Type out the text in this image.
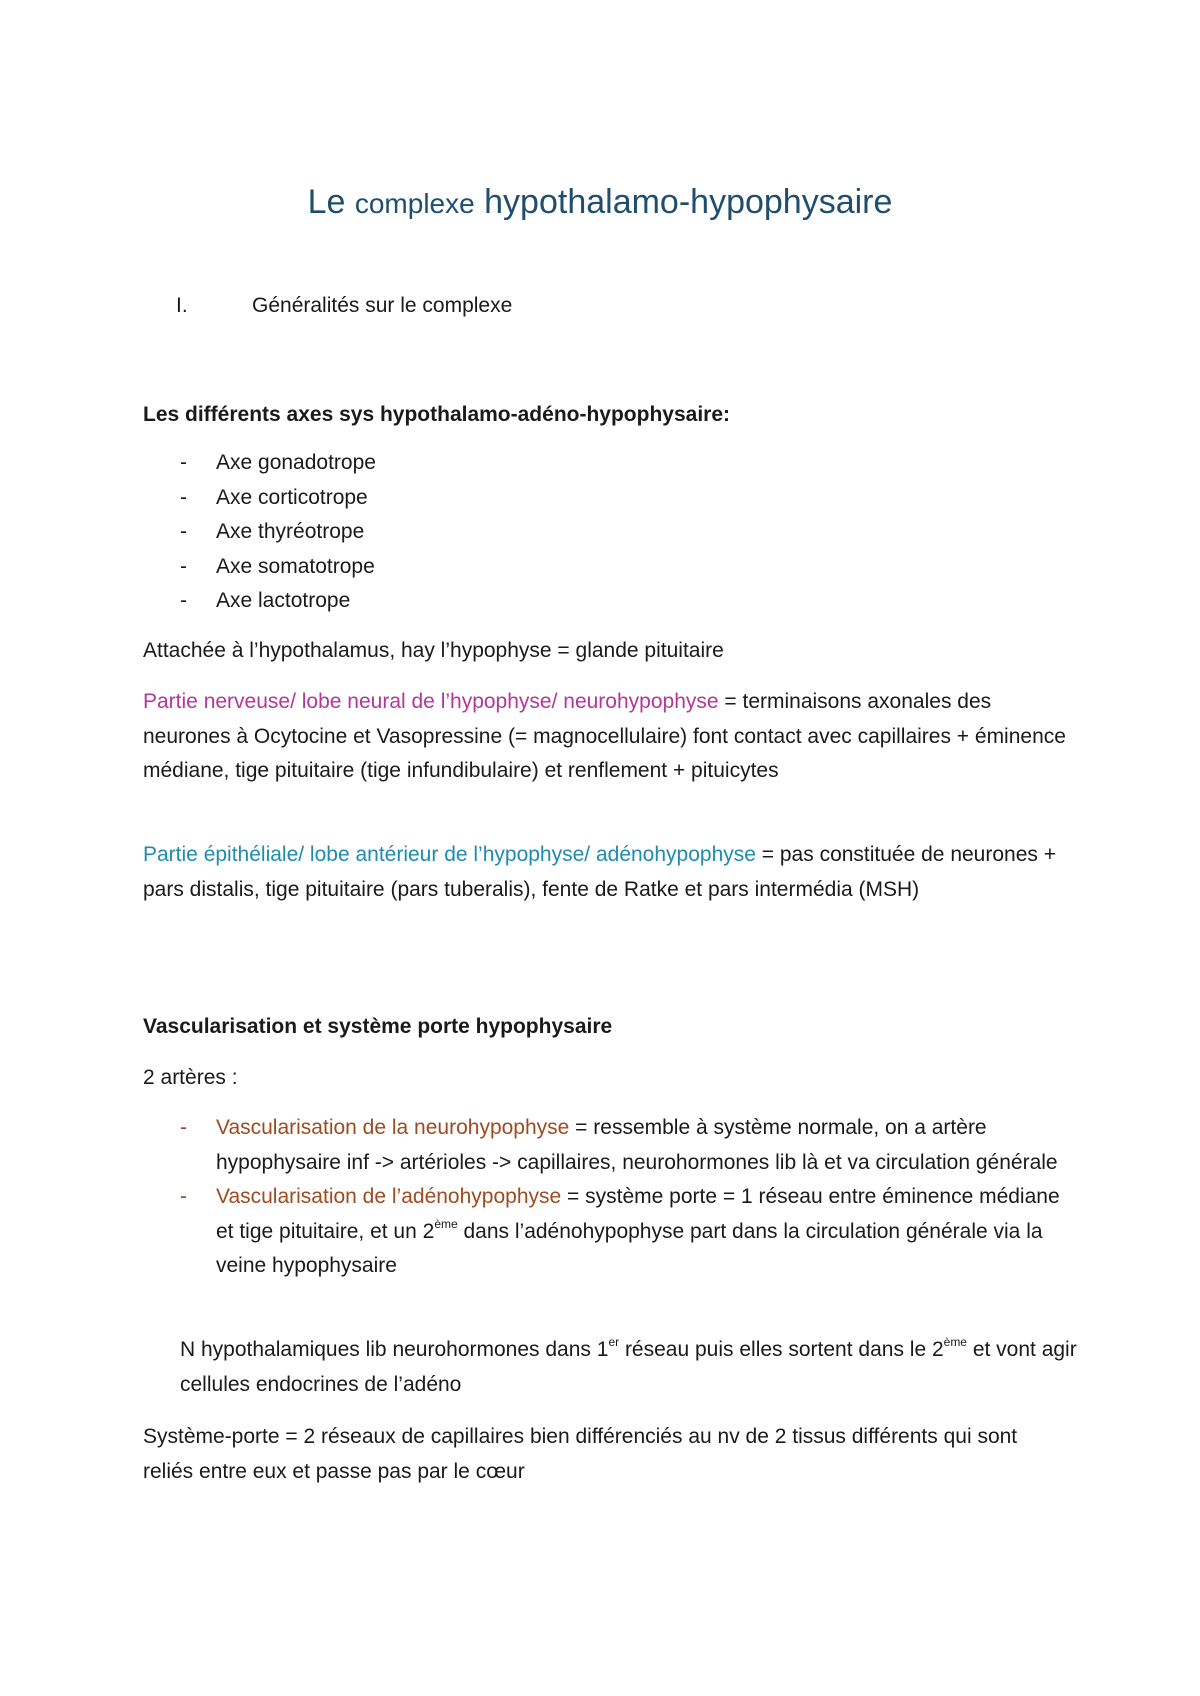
Le complexe hypothalamo-hypophysaire
I.	Généralités sur le complexe
Les différents axes sys hypothalamo-adéno-hypophysaire:
- Axe gonadotrope
- Axe corticotrope
- Axe thyréotrope
- Axe somatotrope
- Axe lactotrope
Attachée à l’hypothalamus, hay l’hypophyse = glande pituitaire
Partie nerveuse/ lobe neural de l’hypophyse/ neurohypophyse = terminaisons axonales des neurones à Ocytocine et Vasopressine (= magnocellulaire) font contact avec capillaires + éminence médiane, tige pituitaire (tige infundibulaire) et renflement + pituicytes
Partie épithéliale/ lobe antérieur de l’hypophyse/ adénohypophyse = pas constituée de neurones + pars distalis, tige pituitaire (pars tuberalis), fente de Ratke et pars intermédia (MSH)
Vascularisation et système porte hypophysaire
2 artères :
- Vascularisation de la neurohypophyse = ressemble à système normale, on a artère hypophysaire inf -> artérioles -> capillaires, neurohormones lib là et va circulation générale
- Vascularisation de l’adénohypophyse = système porte = 1 réseau entre éminence médiane et tige pituitaire, et un 2ème dans l’adénohypophyse part dans la circulation générale via la veine hypophysaire
N hypothalamiques lib neurohormones dans 1er réseau puis elles sortent dans le 2ème et vont agir cellules endocrines de l’adéno
Système-porte = 2 réseaux de capillaires bien différenciés au nv de 2 tissus différents qui sont reliés entre eux et passe pas par le cœur
